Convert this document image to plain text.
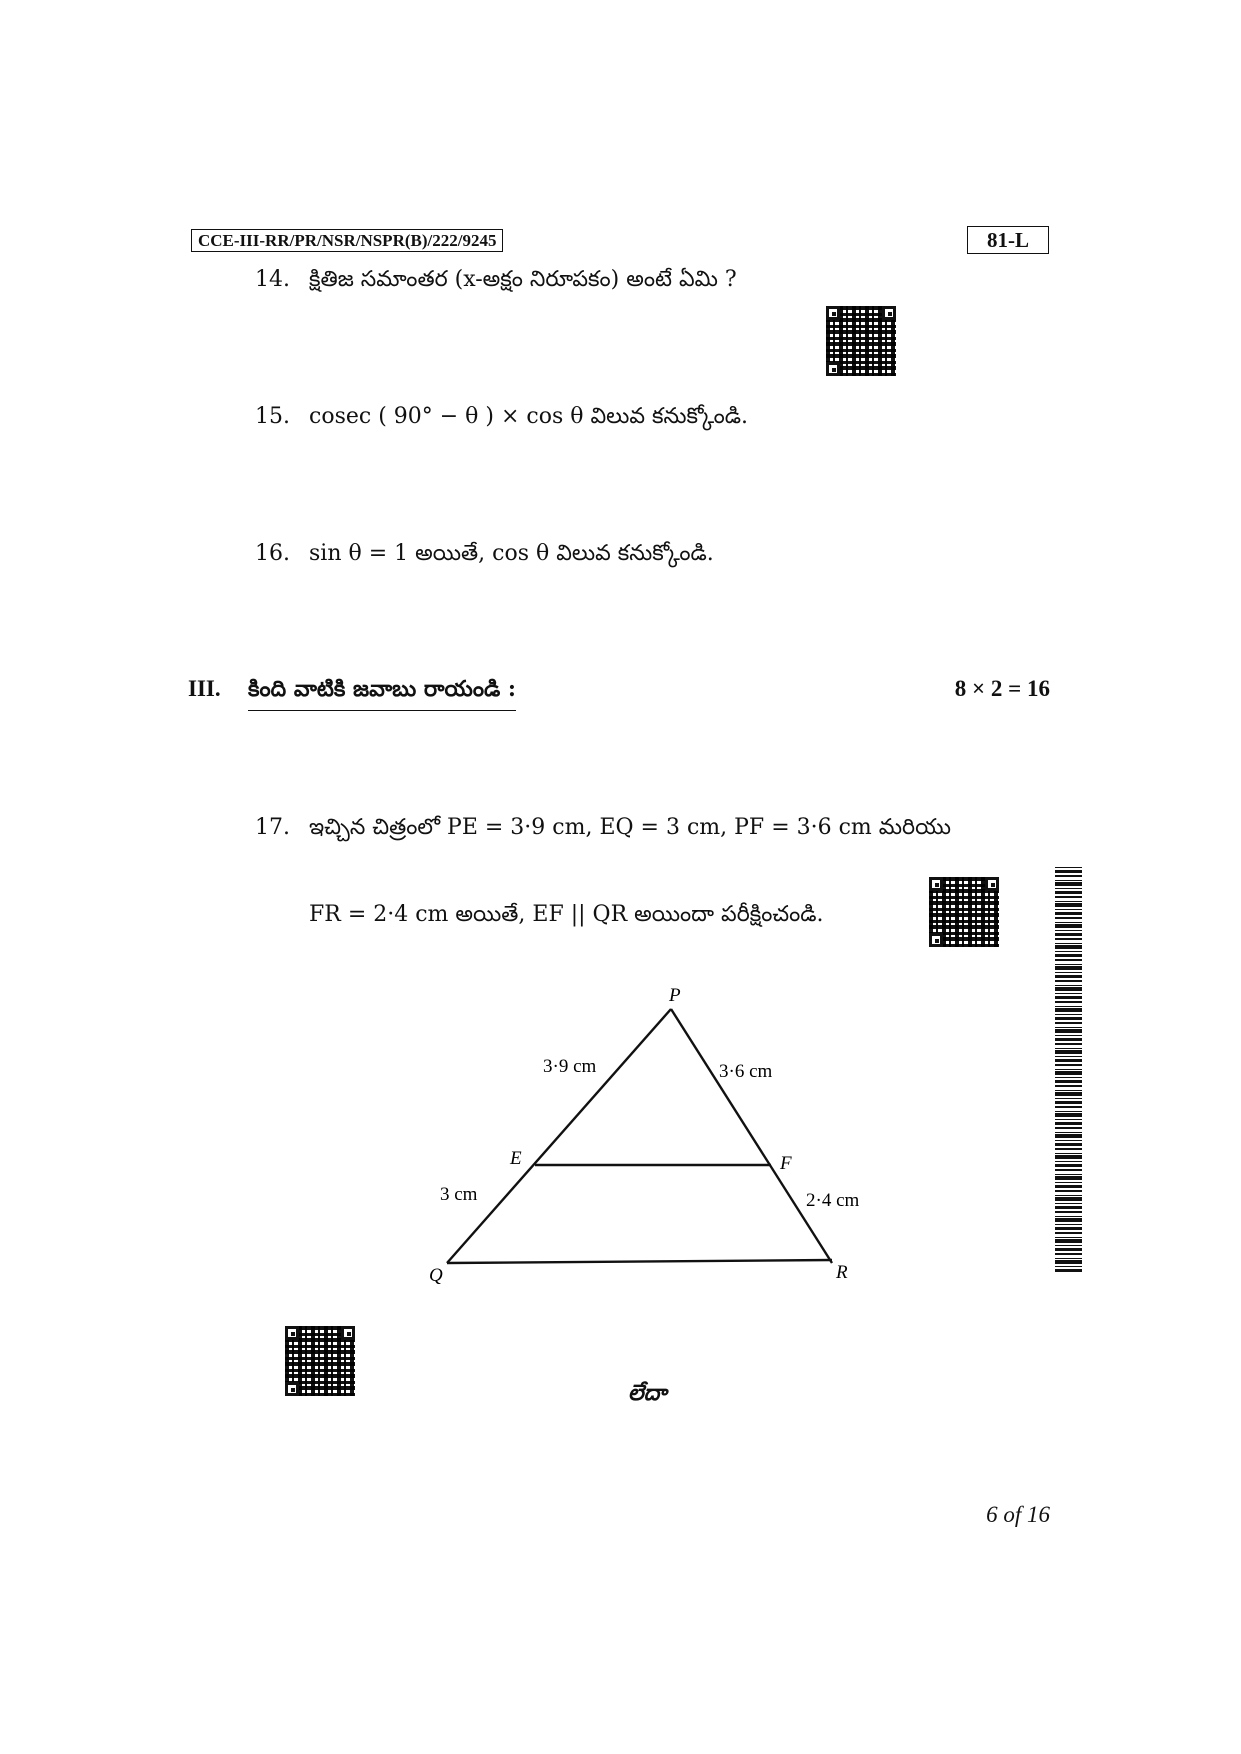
CCE-III-RR/PR/NSR/NSPR(B)/222/9245	81-L
14. క్షితిజ సమాంతర (x-అక్షం నిరూపకం) అంటే ఏమి ?
15. cosec ( 90° − θ ) × cos θ విలువ కనుక్కోండి.
16. sin θ = 1 అయితే, cos θ విలువ కనుక్కోండి.
III. కింది వాటికి జవాబు రాయండి :	8 × 2 = 16
17. ఇచ్చిన చిత్రంలో PE = 3·9 cm, EQ = 3 cm, PF = 3·6 cm మరియు
FR = 2·4 cm అయితే, EF || QR అయిందా పరీక్షించండి.
P
Q	R
E	F
3·9 cm	3·6 cm
3 cm	2·4 cm
లేదా
6 of 16
